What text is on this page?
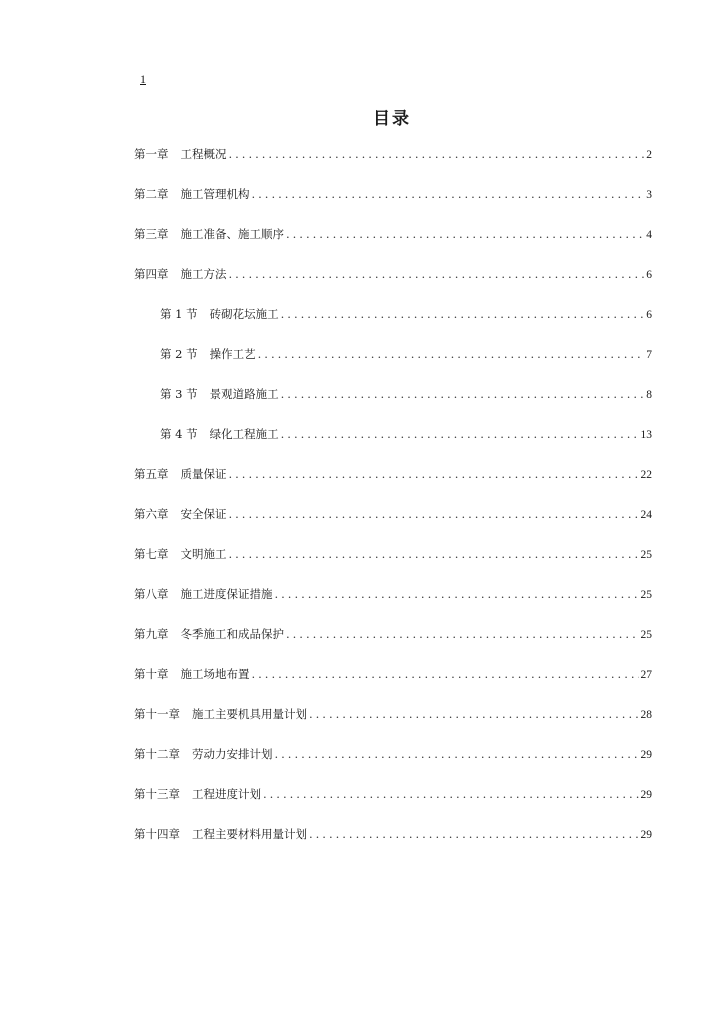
1
目录
第一章 工程概况 .....	2
第二章 施工管理机构 .....	3
第三章 施工准备、施工顺序 .....	4
第四章 施工方法 .....	6
第 1 节 砖砌花坛施工 .....	6
第 2 节 操作工艺 .....	7
第 3 节 景观道路施工 .....	8
第 4 节 绿化工程施工 .....	13
第五章 质量保证 .....	22
第六章 安全保证 .....	24
第七章 文明施工 .....	25
第八章 施工进度保证措施 .....	25
第九章 冬季施工和成品保护 .....	25
第十章 施工场地布置 .....	27
第十一章 施工主要机具用量计划 .....	28
第十二章 劳动力安排计划 .....	29
第十三章 工程进度计划 .....	29
第十四章 工程主要材料用量计划 .....	29
